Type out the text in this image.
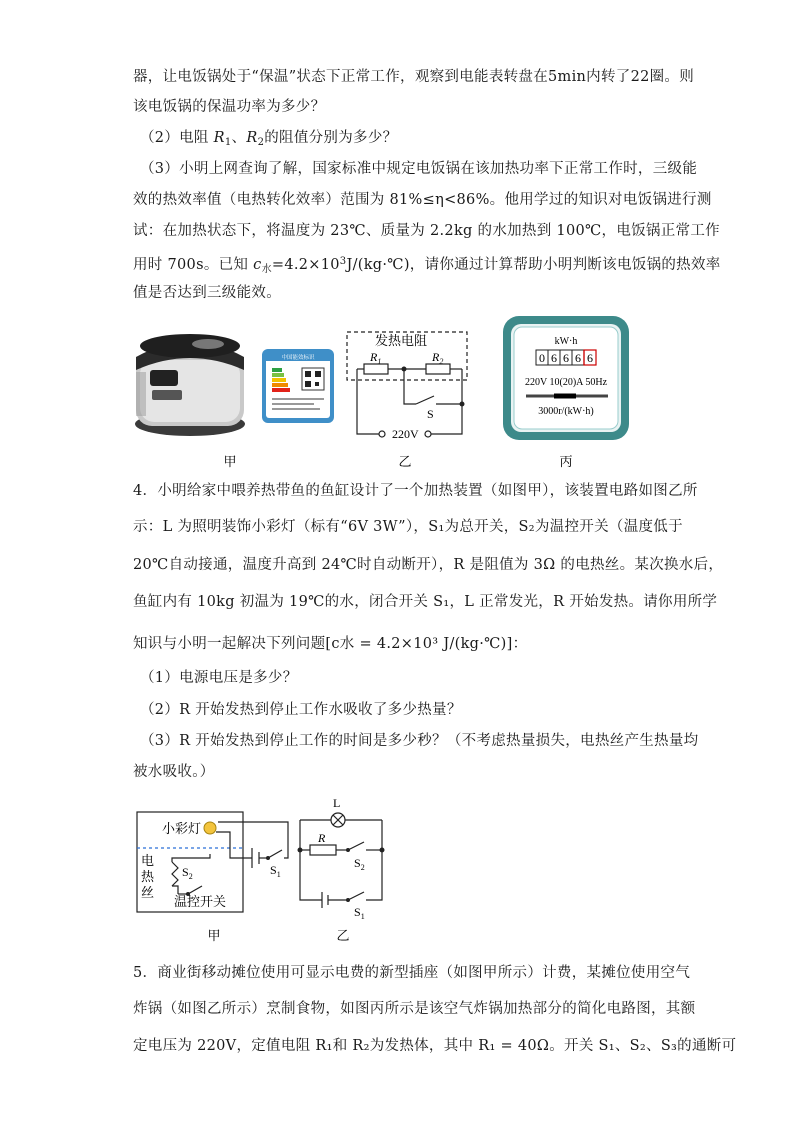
器，让电饭锅处于“保温”状态下正常工作，观察到电能表转盘在5min内转了22圈。则
该电饭锅的保温功率为多少？
（2）电阻 $R_1$、$R_2$的阻值分别为多少？
（3）小明上网查询了解，国家标准中规定电饭锅在该加热功率下正常工作时，三级能
效的热效率值（电热转化效率）范围为 81%≤η<86%。他用学过的知识对电饭锅进行测
试：在加热状态下，将温度为 23℃、质量为 2.2kg 的水加热到 100℃，电饭锅正常工作
用时 700s。已知 $c_水=4.2\times 10^3J/(kg\cdot℃)$，请你通过计算帮助小明判断该电饭锅的热效率
值是否达到三级能效。
中国能效标识
甲
发热电阻
$R_1$	$R_2$
S
220V
乙
kW·h
0 6 6 6 6
220V 10(20)A 50Hz
3000r/(kW·h)
丙
4．小明给家中喂养热带鱼的鱼缸设计了一个加热装置（如图甲），该装置电路如图乙所
示：L 为照明装饰小彩灯（标有“6V 3W”），S₁为总开关，S₂为温控开关（温度低于
20℃自动接通，温度升高到 24℃时自动断开），R 是阻值为 3Ω 的电热丝。某次换水后，
鱼缸内有 10kg 初温为 19℃的水，闭合开关 S₁，L 正常发光，R 开始发热。请你用所学
知识与小明一起解决下列问题[c水 = 4.2×10³ J/(kg·℃)]：
（1）电源电压是多少？
（2）R 开始发热到停止工作水吸收了多少热量？
（3）R 开始发热到停止工作的时间是多少秒？（不考虑热量损失，电热丝产生热量均
被水吸收。）
小彩灯
电
热
丝
$S_2$
温控开关
$S_1$
甲
L
R
$S_2$
$S_1$
乙
5．商业街移动摊位使用可显示电费的新型插座（如图甲所示）计费，某摊位使用空气
炸锅（如图乙所示）烹制食物，如图丙所示是该空气炸锅加热部分的简化电路图，其额
定电压为 220V，定值电阻 R₁和 R₂为发热体，其中 R₁ = 40Ω。开关 S₁、S₂、S₃的通断可
